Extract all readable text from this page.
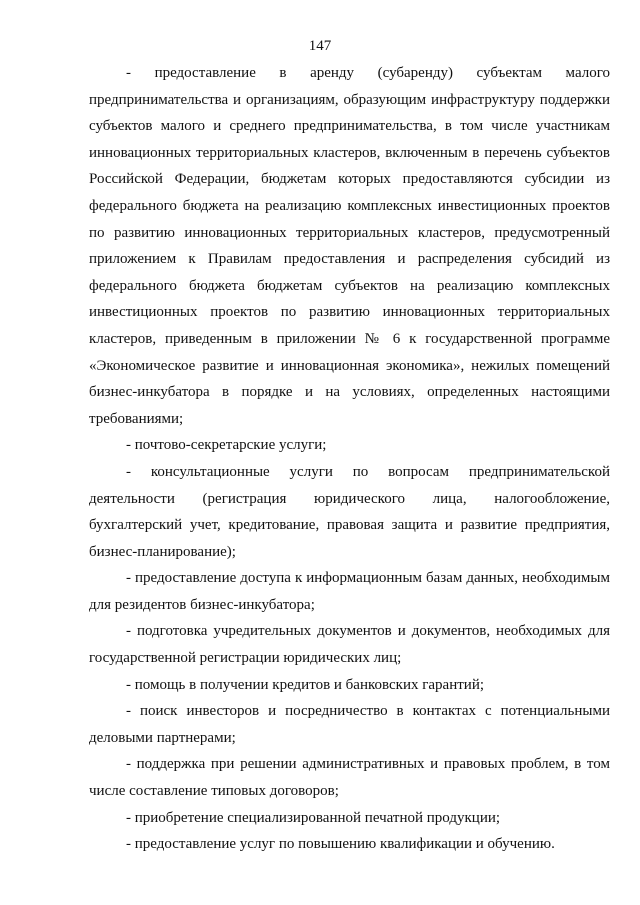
147

- предоставление в аренду (субаренду) субъектам малого предпринимательства и организациям, образующим инфраструктуру поддержки субъектов малого и среднего предпринимательства, в том числе участникам инновационных территориальных кластеров, включенным в перечень субъектов Российской Федерации, бюджетам которых предоставляются субсидии из федерального бюджета на реализацию комплексных инвестиционных проектов по развитию инновационных территориальных кластеров, предусмотренный приложением к Правилам предоставления и распределения субсидий из федерального бюджета бюджетам субъектов на реализацию комплексных инвестиционных проектов по развитию инновационных территориальных кластеров, приведенным в приложении № 6 к государственной программе «Экономическое развитие и инновационная экономика», нежилых помещений бизнес-инкубатора в порядке и на условиях, определенных настоящими требованиями;

- почтово-секретарские услуги;

- консультационные услуги по вопросам предпринимательской деятельности (регистрация юридического лица, налогообложение, бухгалтерский учет, кредитование, правовая защита и развитие предприятия, бизнес-планирование);

- предоставление доступа к информационным базам данных, необходимым для резидентов бизнес-инкубатора;

- подготовка учредительных документов и документов, необходимых для государственной регистрации юридических лиц;

- помощь в получении кредитов и банковских гарантий;

- поиск инвесторов и посредничество в контактах с потенциальными деловыми партнерами;

- поддержка при решении административных и правовых проблем, в том числе составление типовых договоров;

- приобретение специализированной печатной продукции;

- предоставление услуг по повышению квалификации и обучению.
